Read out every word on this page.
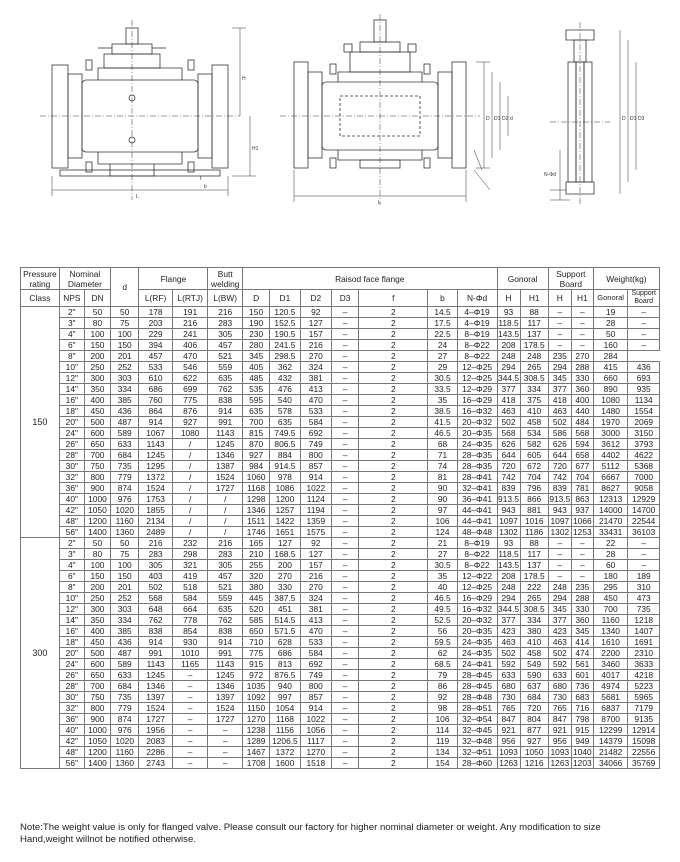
L
H
H1
f
b
L
D D1 D2 d	D D1 D3
N-Φd
Pressure rating	Nominal Diameter		d	Flange		Butt welding	Raisod face flange							Gonoral		Support Board		Weight(kg)	
Class	NPS	DN		L(RF)	L(RTJ)	L(BW)	D	D1	D2	D3	f	b	N-Φd	H	H1	H	H1	Gonoral	Support Board
150	2"	50	50	178	191	216	150	120.5	92	–	2	14.5	4–Φ19	93	88	–	–	19	–
	3"	80	75	203	216	283	190	152.5	127	–	2	17.5	4–Φ19	118.5	117	–	–	28	–
	4"	100	100	229	241	305	230	190.5	157	–	2	22.5	8–Φ19	143.5	137	–	–	50	–
	6"	150	150	394	406	457	280	241.5	216	–	2	24	8–Φ22	208	178.5	–	–	160	–
	8"	200	201	457	470	521	345	298.5	270	–	2	27	8–Φ22	248	248	235	270	284	
	10"	250	252	533	546	559	405	362	324	–	2	29	12–Φ25	294	265	294	288	415	436
	12"	300	303	610	622	635	485	432	381	–	2	30.5	12–Φ25	344.5	308.5	345	330	660	693
	14"	350	334	686	699	762	535	476	413	–	2	33.5	12–Φ29	377	334	377	360	890	935
	16"	400	385	760	775	838	595	540	470	–	2	35	16–Φ29	418	375	418	400	1080	1134
	18"	450	436	864	876	914	635	578	533	–	2	38.5	16–Φ32	463	410	463	440	1480	1554
	20"	500	487	914	927	991	700	635	584	–	2	41.5	20–Φ32	502	458	502	484	1970	2069
	24"	600	589	1067	1080	1143	815	749.5	692	–	2	46.5	20–Φ35	568	534	586	568	3000	3150
	26"	650	633	1143	/	1245	870	806.5	749	–	2	68	24–Φ35	626	582	626	594	3612	3793
	28"	700	684	1245	/	1346	927	884	800	–	2	71	28–Φ35	644	605	644	658	4402	4622
	30"	750	735	1295	/	1387	984	914.5	857	–	2	74	28–Φ35	720	672	720	677	5112	5368
	32"	800	779	1372	/	1524	1060	978	914	–	2	81	28–Φ41	742	704	742	704	6667	7000
	36"	900	874	1524	/	1727	1168	1086	1022	–	2	90	32–Φ41	839	796	839	781	8627	9058
	40"	1000	976	1753	/	/	1298	1200	1124	–	2	90	36–Φ41	913.5	866	913.5	863	12313	12929
	42"	1050	1020	1855	/	/	1346	1257	1194	–	2	97	44–Φ41	943	881	943	937	14000	14700
	48"	1200	1160	2134	/	/	1511	1422	1359	–	2	106	44–Φ41	1097	1016	1097	1066	21470	22544
	56"	1400	1360	2489	/	/	1746	1651	1575	–	2	124	48–Φ48	1302	1186	1302	1253	33431	36103
300	2"	50	50	216	232	216	165	127	92	–	2	21	8–Φ19	93	88	–	–	22	–
	3"	80	75	283	298	283	210	168.5	127	–	2	27	8–Φ22	118.5	117	–	–	28	–
	4"	100	100	305	321	305	255	200	157	–	2	30.5	8–Φ22	143.5	137	–	–	60	–
	6"	150	150	403	419	457	320	270	216	–	2	35	12–Φ22	208	178.5	–	–	180	189
	8"	200	201	502	518	521	380	330	270	–	2	40	12–Φ25	248	222	248	235	295	310
	10"	250	252	568	584	559	445	387.5	324	–	2	46.5	16–Φ29	294	265	294	288	450	473
	12"	300	303	648	664	635	520	451	381	–	2	49.5	16–Φ32	344.5	308.5	345	330	700	735
	14"	350	334	762	778	762	585	514.5	413	–	2	52.5	20–Φ32	377	334	377	360	1160	1218
	16"	400	385	838	854	838	650	571.5	470	–	2	56	20–Φ35	423	380	423	345	1340	1407
	18"	450	436	914	930	914	710	628	533	–	2	59.5	24–Φ35	463	410	463	414	1610	1691
	20"	500	487	991	1010	991	775	686	584	–	2	62	24–Φ35	502	458	502	474	2200	2310
	24"	600	589	1143	1165	1143	915	813	692	–	2	68.5	24–Φ41	592	549	592	561	3460	3633
	26"	650	633	1245	–	1245	972	876.5	749	–	2	79	28–Φ45	633	590	633	601	4017	4218
	28"	700	684	1346	–	1346	1035	940	800	–	2	86	28–Φ45	680	637	680	736	4974	5223
	30"	750	735	1397	–	1397	1092	997	857	–	2	92	28–Φ48	730	684	730	683	5681	5965
	32"	800	779	1524	–	1524	1150	1054	914	–	2	98	28–Φ51	765	720	765	716	6837	7179
	36"	900	874	1727	–	1727	1270	1168	1022	–	2	106	32–Φ54	847	804	847	798	8700	9135
	40"	1000	976	1956	–	–	1238	1156	1056	–	2	114	32–Φ45	921	877	921	915	12299	12914
	42"	1050	1020	2083	–	–	1289	1206.5	1117	–	2	119	32–Φ48	956	927	956	949	14379	15098
	48"	1200	1160	2286	–	–	1467	1372	1270	–	2	134	32–Φ51	1093	1050	1093	1040	21482	22556
	56"	1400	1360	2743	–	–	1708	1600	1518	–	2	154	28–Φ60	1263	1216	1263	1203	34066	35769
Note:The weight value is only for flanged valve. Please consult our factory for higher nominal diameter or weight. Any modification to size
Hand,weight willnot be notified otherwise.
